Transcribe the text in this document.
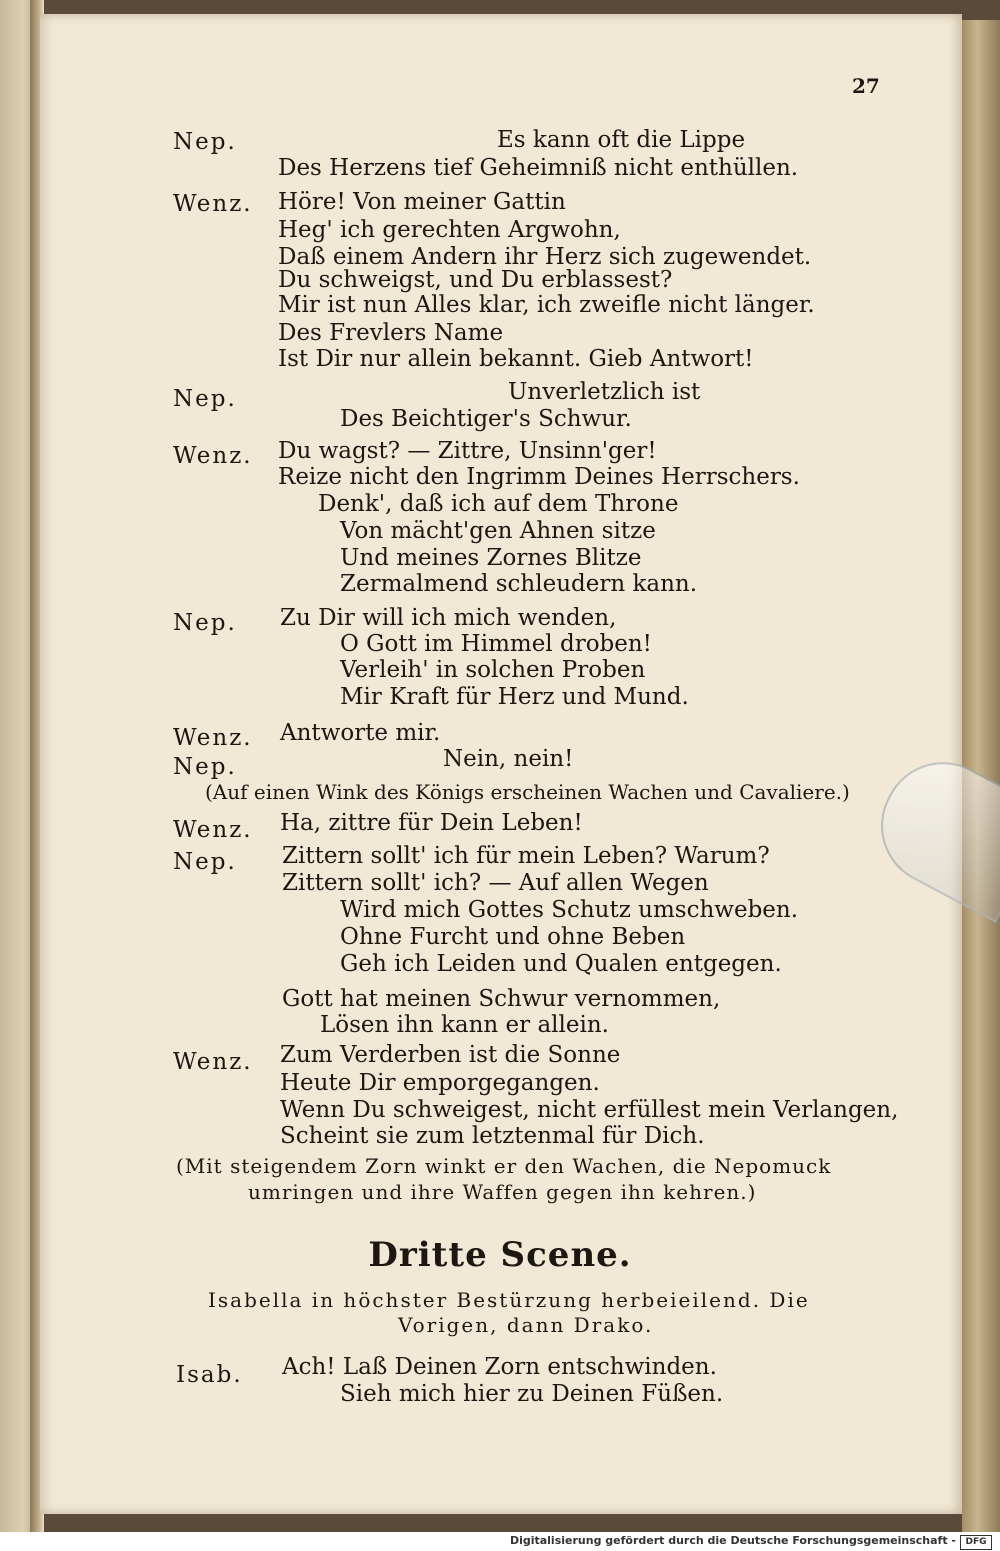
27
Nep.	Es kann oft die Lippe
Des Herzens tief Geheimniß nicht enthüllen.
Wenz. Höre! Von meiner Gattin
Heg' ich gerechten Argwohn,
Daß einem Andern ihr Herz sich zugewendet.
Du schweigst, und Du erblassest?
Mir ist nun Alles klar, ich zweifle nicht länger.
Des Frevlers Name
Ist Dir nur allein bekannt. Gieb Antwort!
Nep.	Unverletzlich ist
Des Beichtiger's Schwur.
Wenz. Du wagst? — Zittre, Unsinn'ger!
Reize nicht den Ingrimm Deines Herrschers.
Denk', daß ich auf dem Throne
Von mächt'gen Ahnen sitze
Und meines Zornes Blitze
Zermalmend schleudern kann.
Nep. Zu Dir will ich mich wenden,
O Gott im Himmel droben!
Verleih' in solchen Proben
Mir Kraft für Herz und Mund.
Wenz. Antworte mir.
Nep.	Nein, nein!
(Auf einen Wink des Königs erscheinen Wachen und Cavaliere.)
Wenz. Ha, zittre für Dein Leben!
Nep. Zittern sollt' ich für mein Leben? Warum?
Zittern sollt' ich? — Auf allen Wegen
Wird mich Gottes Schutz umschweben.
Ohne Furcht und ohne Beben
Geh ich Leiden und Qualen entgegen.
Gott hat meinen Schwur vernommen,
Lösen ihn kann er allein.
Wenz. Zum Verderben ist die Sonne
Heute Dir emporgegangen.
Wenn Du schweigest, nicht erfüllest mein Verlangen,
Scheint sie zum letztenmal für Dich.
(Mit steigendem Zorn winkt er den Wachen, die Nepomuck
umringen und ihre Waffen gegen ihn kehren.)
Dritte Scene.
Isabella in höchster Bestürzung herbeieilend. Die
Vorigen, dann Drako.
Isab. Ach! Laß Deinen Zorn entschwinden.
Sieh mich hier zu Deinen Füßen.
Digitalisierung gefördert durch die Deutsche Forschungsgemeinschaft -	DFG
